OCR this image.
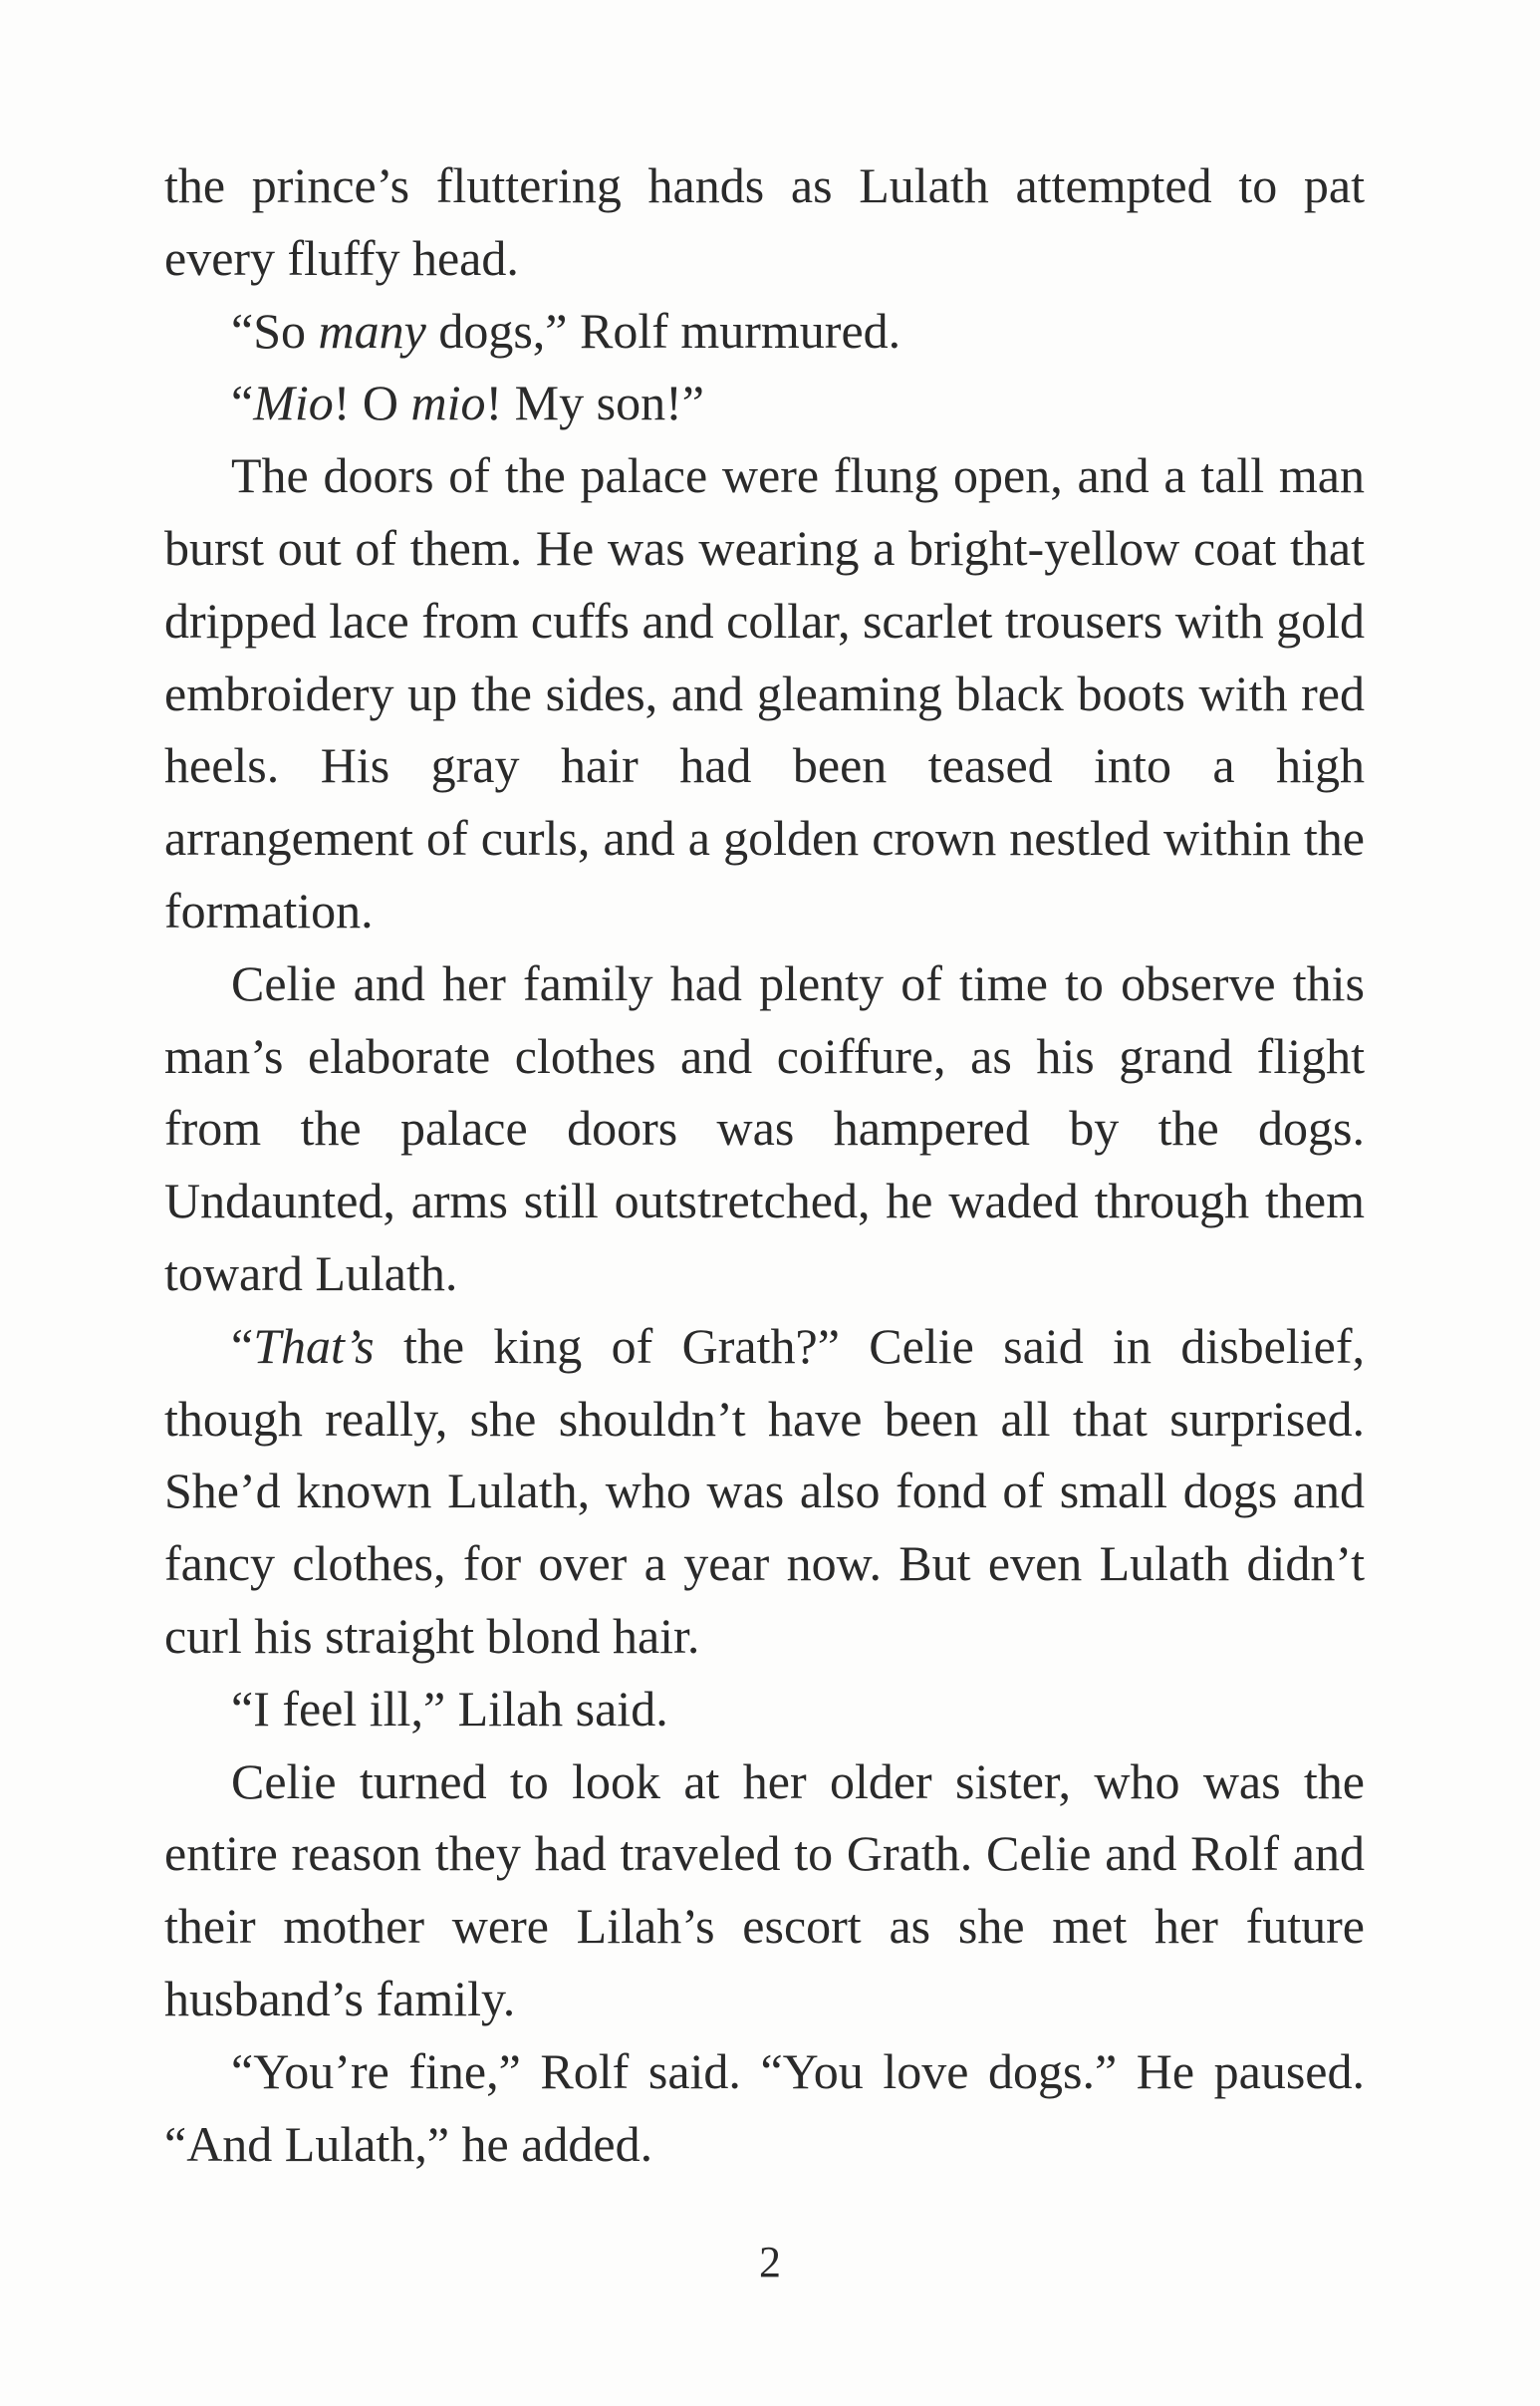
the prince’s fluttering hands as Lulath attempted to pat every fluffy head.

“So many dogs,” Rolf murmured.

“Mio! O mio! My son!”

The doors of the palace were flung open, and a tall man burst out of them. He was wearing a bright-yellow coat that dripped lace from cuffs and collar, scarlet trousers with gold embroidery up the sides, and gleaming black boots with red heels. His gray hair had been teased into a high arrangement of curls, and a golden crown nestled within the formation.

Celie and her family had plenty of time to observe this man’s elaborate clothes and coiffure, as his grand flight from the palace doors was hampered by the dogs. Undaunted, arms still outstretched, he waded through them toward Lulath.

“That’s the king of Grath?” Celie said in disbelief, though really, she shouldn’t have been all that surprised. She’d known Lulath, who was also fond of small dogs and fancy clothes, for over a year now. But even Lulath didn’t curl his straight blond hair.

“I feel ill,” Lilah said.

Celie turned to look at her older sister, who was the entire reason they had traveled to Grath. Celie and Rolf and their mother were Lilah’s escort as she met her future husband’s family.

“You’re fine,” Rolf said. “You love dogs.” He paused. “And Lulath,” he added.

2
